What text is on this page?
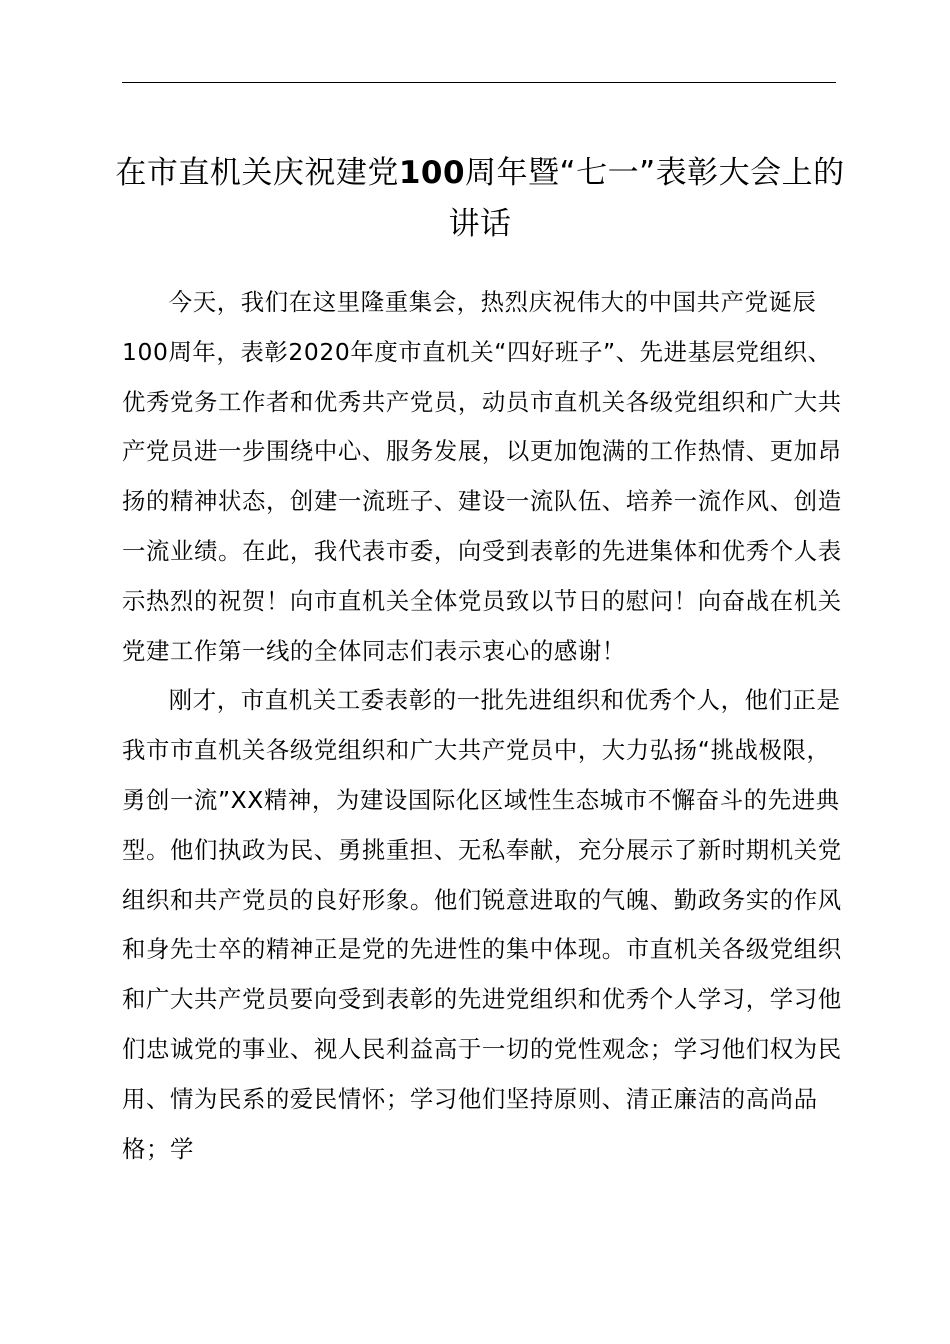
在市直机关庆祝建党100周年暨“七一”表彰大会上的讲话

今天，我们在这里隆重集会，热烈庆祝伟大的中国共产党诞辰100周年，表彰2020年度市直机关“四好班子”、先进基层党组织、优秀党务工作者和优秀共产党员，动员市直机关各级党组织和广大共产党员进一步围绕中心、服务发展，以更加饱满的工作热情、更加昂扬的精神状态，创建一流班子、建设一流队伍、培养一流作风、创造一流业绩。在此，我代表市委，向受到表彰的先进集体和优秀个人表示热烈的祝贺！向市直机关全体党员致以节日的慰问！向奋战在机关党建工作第一线的全体同志们表示衷心的感谢！

刚才，市直机关工委表彰的一批先进组织和优秀个人，他们正是我市市直机关各级党组织和广大共产党员中，大力弘扬“挑战极限，勇创一流”XX精神，为建设国际化区域性生态城市不懈奋斗的先进典型。他们执政为民、勇挑重担、无私奉献，充分展示了新时期机关党组织和共产党员的良好形象。他们锐意进取的气魄、勤政务实的作风和身先士卒的精神正是党的先进性的集中体现。市直机关各级党组织和广大共产党员要向受到表彰的先进党组织和优秀个人学习，学习他们忠诚党的事业、视人民利益高于一切的党性观念；学习他们权为民用、情为民系的爱民情怀；学习他们坚持原则、清正廉洁的高尚品格；学
